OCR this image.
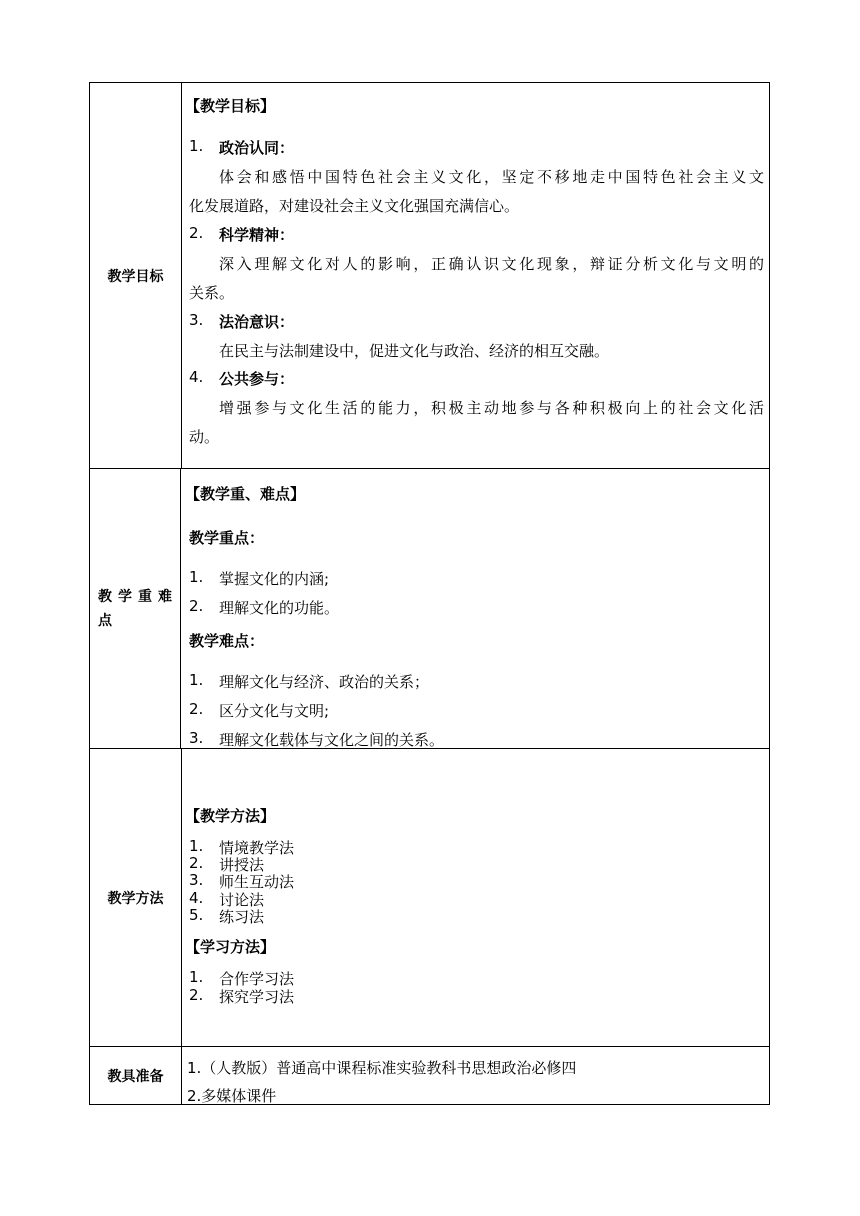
教学目标
【教学目标】
1. 政治认同：
体会和感悟中国特色社会主义文化，坚定不移地走中国特色社会主义文
化发展道路，对建设社会主义文化强国充满信心。
2. 科学精神：
深入理解文化对人的影响，正确认识文化现象，辩证分析文化与文明的
关系。
3. 法治意识：
在民主与法制建设中，促进文化与政治、经济的相互交融。
4. 公共参与：
增强参与文化生活的能力，积极主动地参与各种积极向上的社会文化活
动。
教学重难
点
【教学重、难点】
教学重点：
1. 掌握文化的内涵;
2. 理解文化的功能。
教学难点：
1. 理解文化与经济、政治的关系；
2. 区分文化与文明;
3. 理解文化载体与文化之间的关系。
教学方法
【教学方法】
1. 情境教学法
2. 讲授法
3. 师生互动法
4. 讨论法
5. 练习法
【学习方法】
1. 合作学习法
2. 探究学习法
教具准备	1.（人教版）普通高中课程标准实验教科书思想政治必修四
2.多媒体课件
